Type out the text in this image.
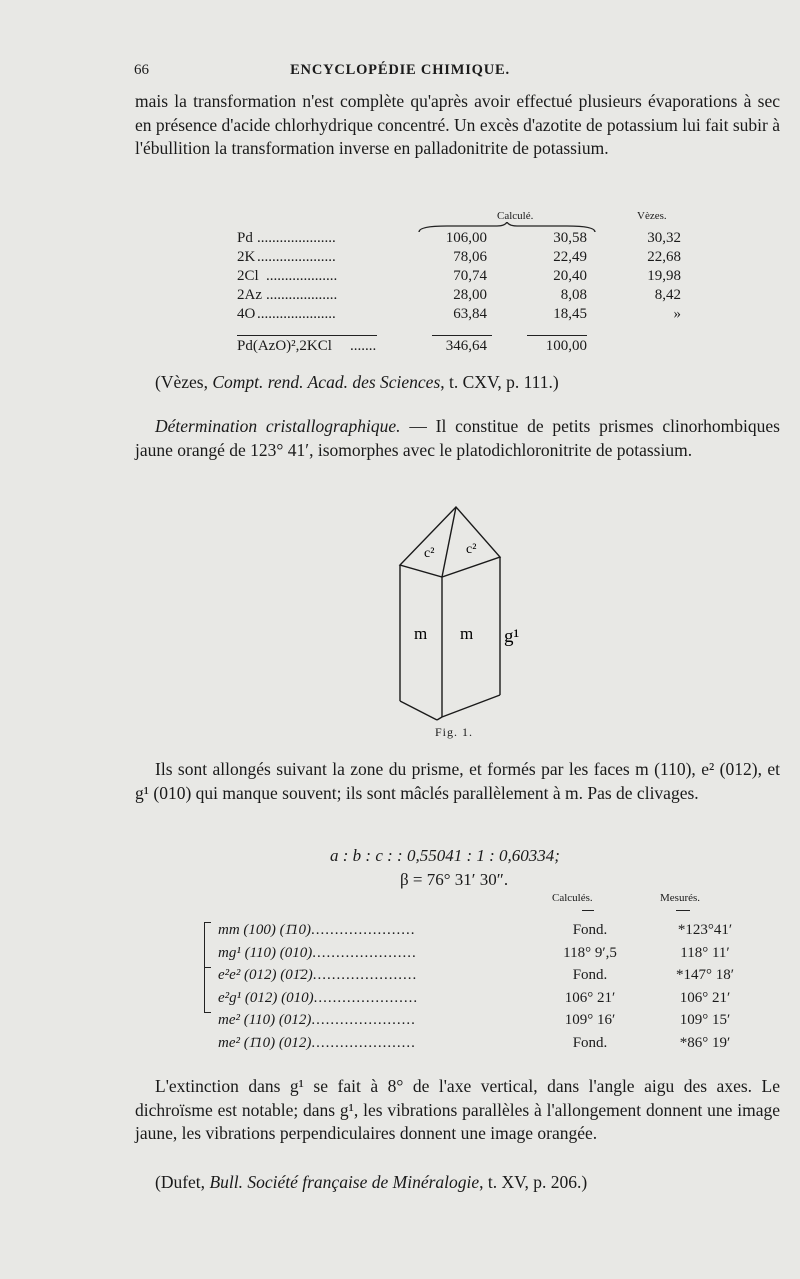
66	ENCYCLOPÉDIE CHIMIQUE.

mais la transformation n'est complète qu'après avoir effectué plusieurs évaporations à sec en présence d'acide chlorhydrique concentré. Un excès d'azotite de potassium lui fait subir à l'ébullition la transformation inverse en palladonitrite de potassium.

Calculé.	Vèzes.
Pd .....................	106,00	30,58	30,32
2K .....................	78,06	22,49	22,68
2Cl ...................	70,74	20,40	19,98
2Az ...................	28,00	8,08	8,42
4O .....................	63,84	18,45	»
Pd(AzO)²,2KCl .......	346,64	100,00
(Vèzes, Compt. rend. Acad. des Sciences, t. CXV, p. 111.)

Détermination cristallographique. — Il constitue de petits prismes clinorhombiques jaune orangé de 123° 41′, isomorphes avec le platodichloronitrite de potassium.

c² c²
m m g¹
Fig. 1.

Ils sont allongés suivant la zone du prisme, et formés par les faces m (110), e² (012), et g¹ (010) qui manque souvent; ils sont mâclés parallèlement à m. Pas de clivages.

a : b : c : : 0,55041 : 1 : 0,60334;
β = 76° 31′ 30″.
Calculés.	Mesurés.
mm (100) (1̄10)......................	Fond.	*123°41′
mg¹ (110) (010)......................	118° 9′,5	118° 11′
e²e² (012) (01̄2)......................	Fond.	*147° 18′
e²g¹ (012) (010)......................	106° 21′	106° 21′
me² (110) (012)......................	109° 16′	109° 15′
me² (1̄10) (012)......................	Fond.	*86° 19′

L'extinction dans g¹ se fait à 8° de l'axe vertical, dans l'angle aigu des axes. Le dichroïsme est notable; dans g¹, les vibrations parallèles à l'allongement donnent une image jaune, les vibrations perpendiculaires donnent une image orangée.

(Dufet, Bull. Société française de Minéralogie, t. XV, p. 206.)
